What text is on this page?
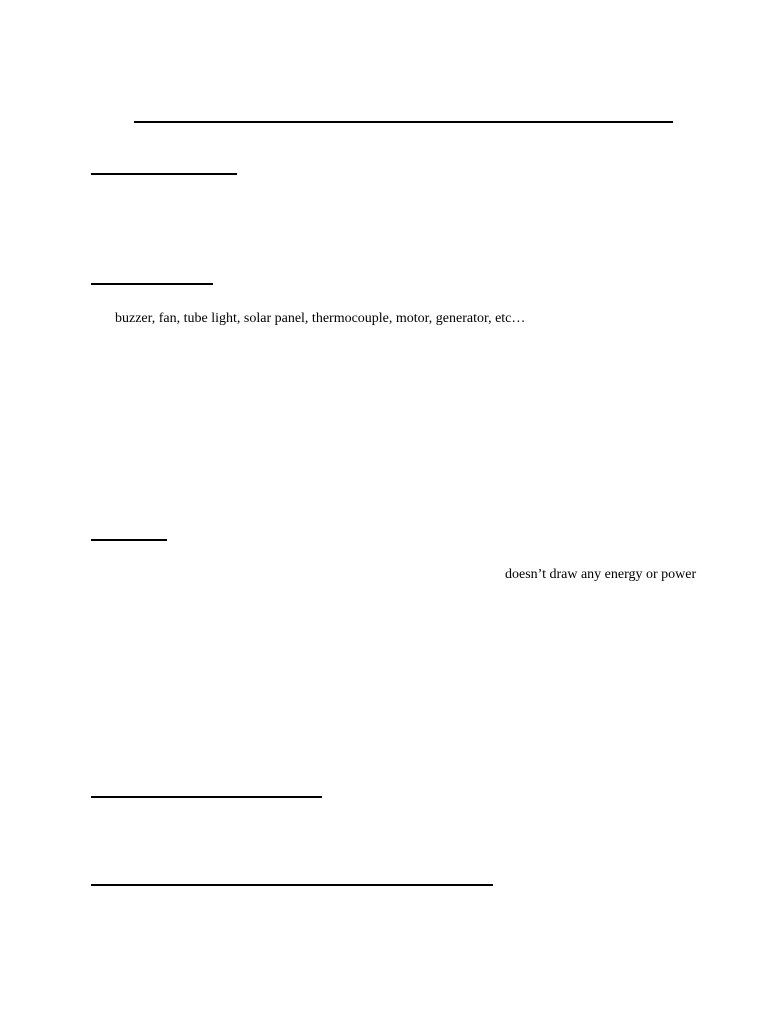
buzzer, fan, tube light, solar panel, thermocouple, motor, generator, etc…
doesn’t draw any energy or power
